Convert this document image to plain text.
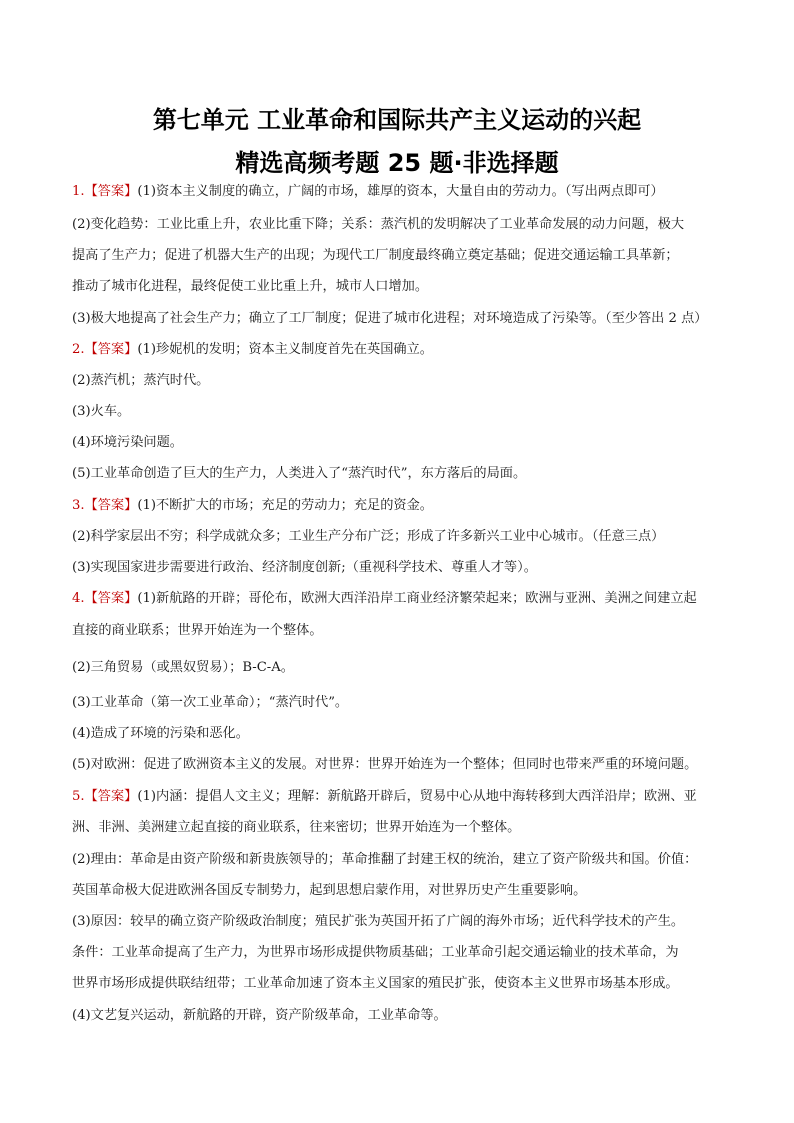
第七单元 工业革命和国际共产主义运动的兴起
精选高频考题 25 题·非选择题
1.【答案】(1)资本主义制度的确立，广阔的市场，雄厚的资本，大量自由的劳动力。（写出两点即可）
(2)变化趋势：工业比重上升，农业比重下降；关系：蒸汽机的发明解决了工业革命发展的动力问题，极大
提高了生产力；促进了机器大生产的出现；为现代工厂制度最终确立奠定基础；促进交通运输工具革新；
推动了城市化进程，最终促使工业比重上升，城市人口增加。
(3)极大地提高了社会生产力；确立了工厂制度；促进了城市化进程；对环境造成了污染等。（至少答出 2 点）
2.【答案】(1)珍妮机的发明；资本主义制度首先在英国确立。
(2)蒸汽机；蒸汽时代。
(3)火车。
(4)环境污染问题。
(5)工业革命创造了巨大的生产力，人类进入了“蒸汽时代”，东方落后的局面。
3.【答案】(1)不断扩大的市场；充足的劳动力；充足的资金。
(2)科学家层出不穷；科学成就众多；工业生产分布广泛；形成了许多新兴工业中心城市。（任意三点）
(3)实现国家进步需要进行政治、经济制度创新;（重视科学技术、尊重人才等）。
4.【答案】(1)新航路的开辟；哥伦布，欧洲大西洋沿岸工商业经济繁荣起来；欧洲与亚洲、美洲之间建立起
直接的商业联系；世界开始连为一个整体。
(2)三角贸易（或黑奴贸易）；B-C-A。
(3)工业革命（第一次工业革命）；“蒸汽时代”。
(4)造成了环境的污染和恶化。
(5)对欧洲：促进了欧洲资本主义的发展。对世界：世界开始连为一个整体；但同时也带来严重的环境问题。
5.【答案】(1)内涵：提倡人文主义；理解：新航路开辟后，贸易中心从地中海转移到大西洋沿岸；欧洲、亚
洲、非洲、美洲建立起直接的商业联系，往来密切；世界开始连为一个整体。
(2)理由：革命是由资产阶级和新贵族领导的；革命推翻了封建王权的统治，建立了资产阶级共和国。价值：
英国革命极大促进欧洲各国反专制势力，起到思想启蒙作用，对世界历史产生重要影响。
(3)原因：较早的确立资产阶级政治制度；殖民扩张为英国开拓了广阔的海外市场；近代科学技术的产生。
条件：工业革命提高了生产力，为世界市场形成提供物质基础；工业革命引起交通运输业的技术革命，为
世界市场形成提供联结纽带；工业革命加速了资本主义国家的殖民扩张，使资本主义世界市场基本形成。
(4)文艺复兴运动，新航路的开辟，资产阶级革命，工业革命等。
